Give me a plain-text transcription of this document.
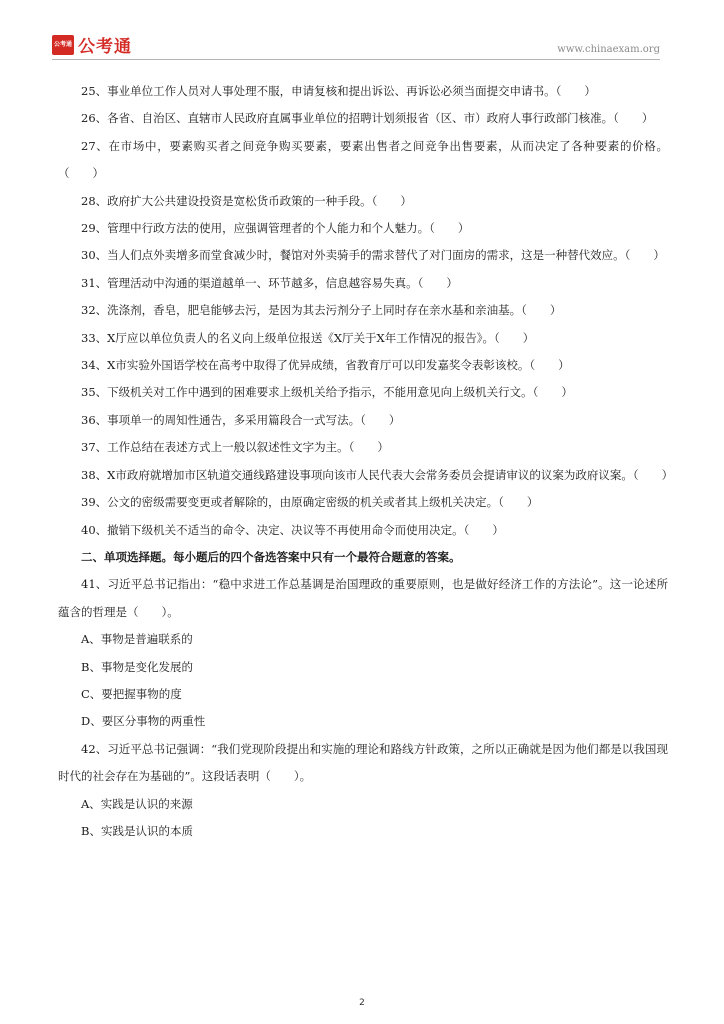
公考通 公考通	www.chinaexam.org

25、事业单位工作人员对人事处理不服，申请复核和提出诉讼、再诉讼必须当面提交申请书。（　　）

26、各省、自治区、直辖市人民政府直属事业单位的招聘计划须报省（区、市）政府人事行政部门核准。（　　）

27、在市场中，要素购买者之间竞争购买要素，要素出售者之间竞争出售要素，从而决定了各种要素的价格。（　　）

28、政府扩大公共建设投资是宽松货币政策的一种手段。（　　）

29、管理中行政方法的使用，应强调管理者的个人能力和个人魅力。（　　）

30、当人们点外卖增多而堂食减少时，餐馆对外卖骑手的需求替代了对门面房的需求，这是一种替代效应。（　　）

31、管理活动中沟通的渠道越单一、环节越多，信息越容易失真。（　　）

32、洗涤剂，香皂，肥皂能够去污，是因为其去污剂分子上同时存在亲水基和亲油基。（　　）

33、X厅应以单位负责人的名义向上级单位报送《X厅关于X年工作情况的报告》。（　　）

34、X市实验外国语学校在高考中取得了优异成绩，省教育厅可以印发嘉奖令表彰该校。（　　）

35、下级机关对工作中遇到的困难要求上级机关给予指示，不能用意见向上级机关行文。（　　）

36、事项单一的周知性通告，多采用篇段合一式写法。（　　）

37、工作总结在表述方式上一般以叙述性文字为主。（　　）

38、X市政府就增加市区轨道交通线路建设事项向该市人民代表大会常务委员会提请审议的议案为政府议案。（　　）

39、公文的密级需要变更或者解除的，由原确定密级的机关或者其上级机关决定。（　　）

40、撤销下级机关不适当的命令、决定、决议等不再使用命令而使用决定。（　　）

二、单项选择题。每小题后的四个备选答案中只有一个最符合题意的答案。

41、习近平总书记指出：“稳中求进工作总基调是治国理政的重要原则，也是做好经济工作的方法论”。这一论述所蕴含的哲理是（　　）。

A、事物是普遍联系的

B、事物是变化发展的

C、要把握事物的度

D、要区分事物的两重性

42、习近平总书记强调：“我们党现阶段提出和实施的理论和路线方针政策，之所以正确就是因为他们都是以我国现时代的社会存在为基础的”。这段话表明（　　）。

A、实践是认识的来源

B、实践是认识的本质

2
